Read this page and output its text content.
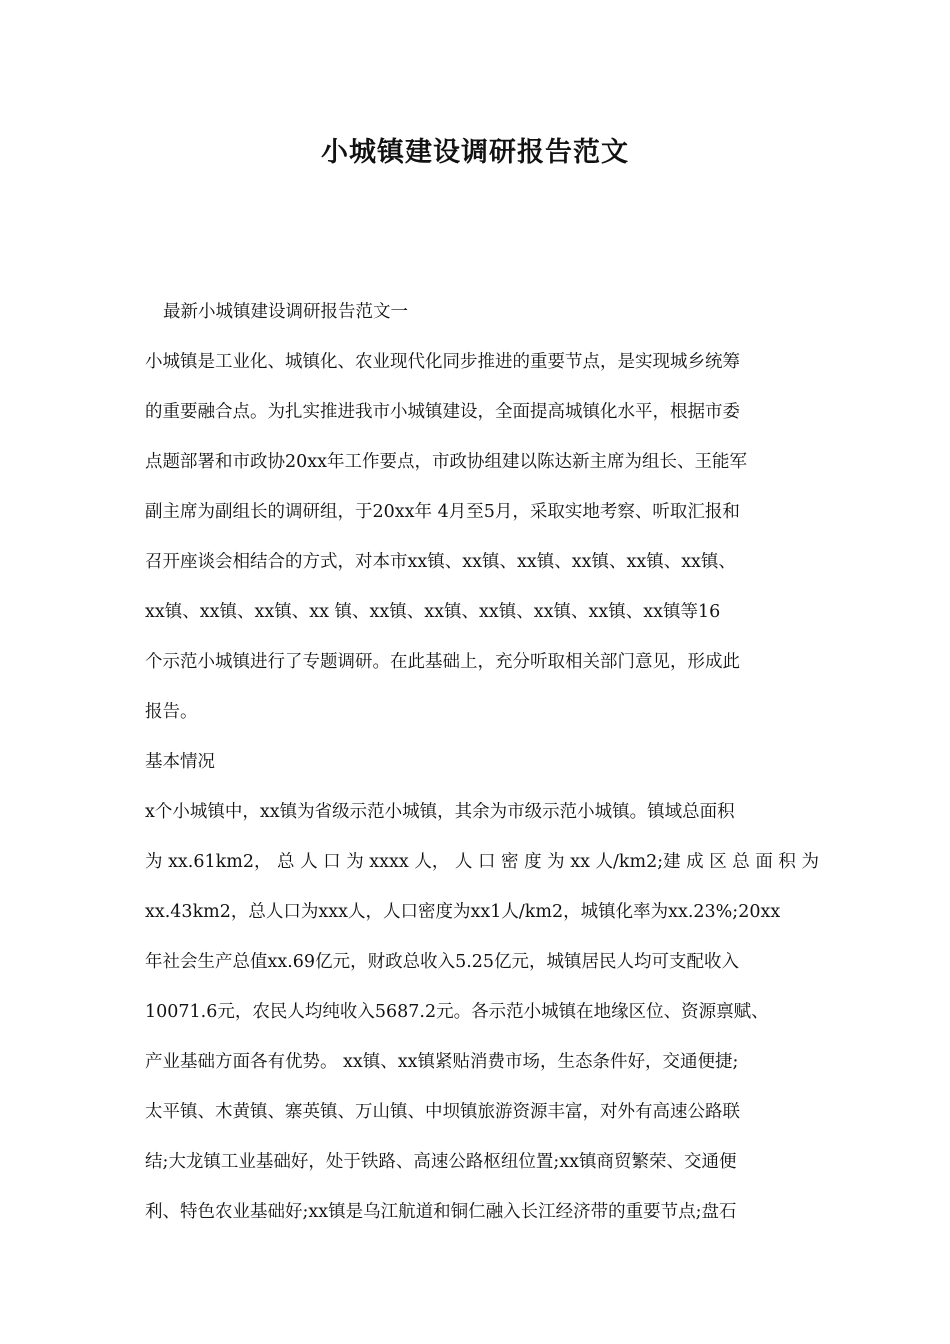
小城镇建设调研报告范文

最新小城镇建设调研报告范文一

小城镇是工业化、城镇化、农业现代化同步推进的重要节点，是实现城乡统筹
的重要融合点。为扎实推进我市小城镇建设，全面提高城镇化水平，根据市委
点题部署和市政协20xx年工作要点，市政协组建以陈达新主席为组长、王能军
副主席为副组长的调研组，于20xx年 4月至5月，采取实地考察、听取汇报和
召开座谈会相结合的方式，对本市xx镇、xx镇、xx镇、xx镇、xx镇、xx镇、
xx镇、xx镇、xx镇、xx 镇、xx镇、xx镇、xx镇、xx镇、xx镇、xx镇等16
个示范小城镇进行了专题调研。在此基础上，充分听取相关部门意见，形成此
报告。

基本情况

x个小城镇中，xx镇为省级示范小城镇，其余为市级示范小城镇。镇域总面积
为 xx.61km2， 总 人 口 为 xxxx 人， 人 口 密 度 为 xx 人/km2;建 成 区 总 面 积 为
xx.43km2，总人口为xxx人，人口密度为xx1人/km2，城镇化率为xx.23%;20xx
年社会生产总值xx.69亿元，财政总收入5.25亿元，城镇居民人均可支配收入
10071.6元，农民人均纯收入5687.2元。各示范小城镇在地缘区位、资源禀赋、
产业基础方面各有优势。 xx镇、xx镇紧贴消费市场，生态条件好，交通便捷;
太平镇、木黄镇、寨英镇、万山镇、中坝镇旅游资源丰富，对外有高速公路联
结;大龙镇工业基础好，处于铁路、高速公路枢纽位置;xx镇商贸繁荣、交通便
利、特色农业基础好;xx镇是乌江航道和铜仁融入长江经济带的重要节点;盘石
